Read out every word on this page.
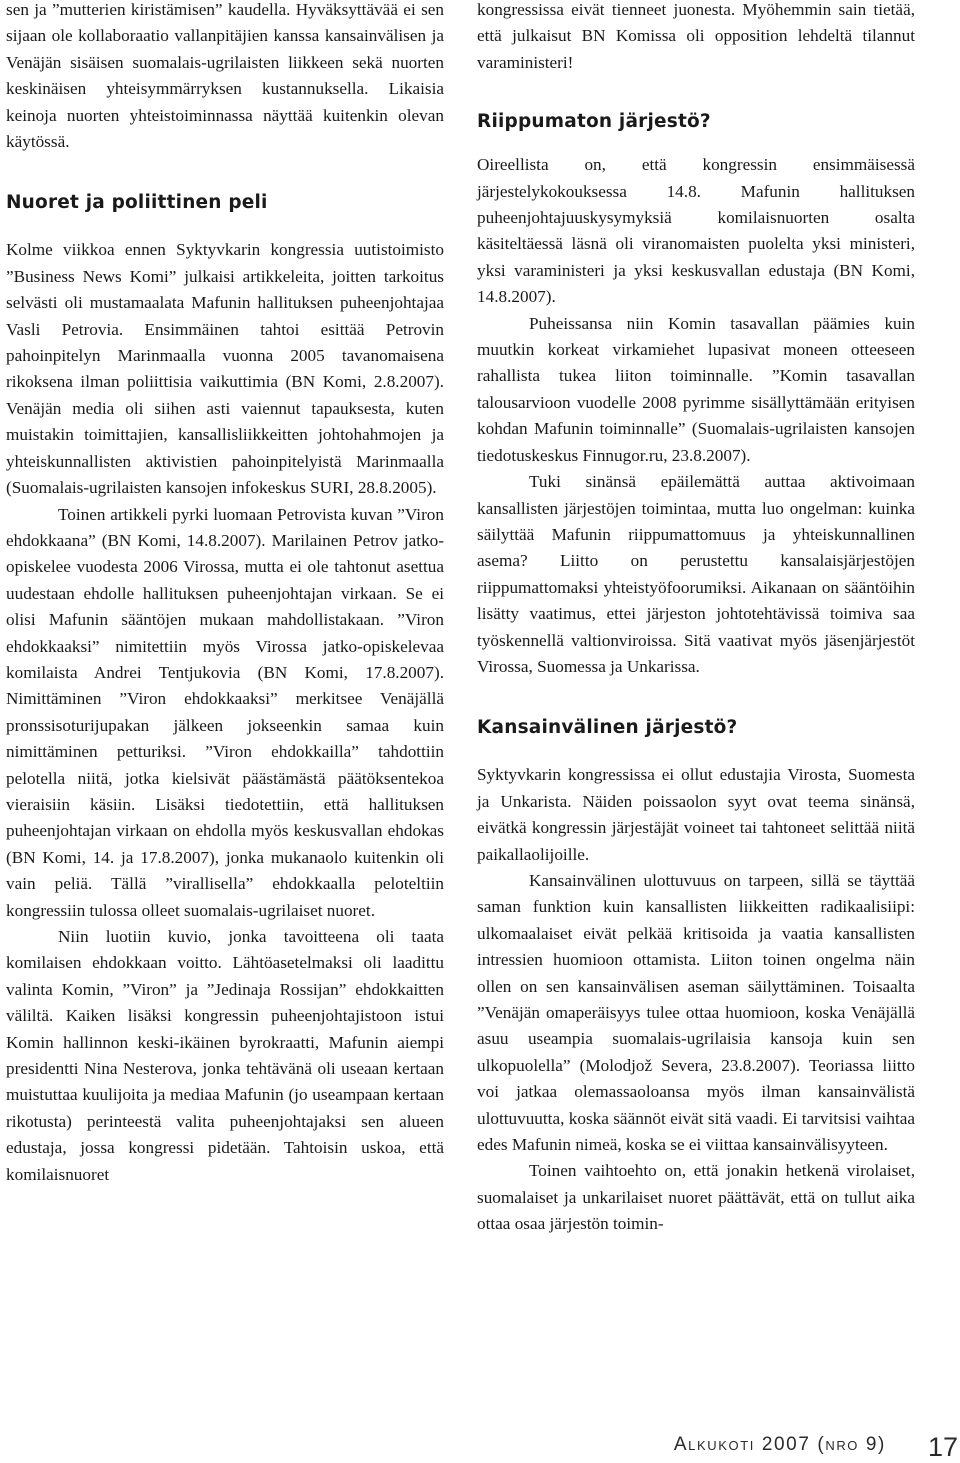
sen ja ”mutterien kiristämisen” kaudella. Hyväksyttävää ei sen sijaan ole kollaboraatio vallanpitäjien kanssa kansainvälisen ja Venäjän sisäisen suomalais-ugrilaisten liikkeen sekä nuorten keskinäisen yhteisymmärryksen kustannuksella. Likaisia keinoja nuorten yhteistoiminnassa näyttää kuitenkin olevan käytössä.

Nuoret ja poliittinen peli

Kolme viikkoa ennen Syktyvkarin kongressia uutistoimisto ”Business News Komi” julkaisi artikkeleita, joitten tarkoitus selvästi oli mustamaalata Mafunin hallituksen puheenjohtajaa Vasli Petrovia. Ensimmäinen tahtoi esittää Petrovin pahoinpitelyn Marinmaalla vuonna 2005 tavanomaisena rikoksena ilman poliittisia vaikuttimia (BN Komi, 2.8.2007). Venäjän media oli siihen asti vaiennut tapauksesta, kuten muistakin toimittajien, kansallisliikkeitten johtohahmojen ja yhteiskunnallisten aktivistien pahoinpitelyistä Marinmaalla (Suomalais-ugrilaisten kansojen infokeskus SURI, 28.8.2005).

Toinen artikkeli pyrki luomaan Petrovista kuvan ”Viron ehdokkaana” (BN Komi, 14.8.2007). Marilainen Petrov jatko-opiskelee vuodesta 2006 Virossa, mutta ei ole tahtonut asettua uudestaan ehdolle hallituksen puheenjohtajan virkaan. Se ei olisi Mafunin sääntöjen mukaan mahdollistakaan. ”Viron ehdokkaaksi” nimitettiin myös Virossa jatko-opiskelevaa komilaista Andrei Tentjukovia (BN Komi, 17.8.2007). Nimittäminen ”Viron ehdokkaaksi” merkitsee Venäjällä pronssisoturijupakan jälkeen jokseenkin samaa kuin nimittäminen petturiksi. ”Viron ehdokkailla” tahdottiin pelotella niitä, jotka kielsivät päästämästä päätöksentekoa vieraisiin käsiin. Lisäksi tiedotettiin, että hallituksen puheenjohtajan virkaan on ehdolla myös keskusvallan ehdokas (BN Komi, 14. ja 17.8.2007), jonka mukanaolo kuitenkin oli vain peliä. Tällä ”virallisella” ehdokkaalla peloteltiin kongressiin tulossa olleet suomalais-ugrilaiset nuoret.

Niin luotiin kuvio, jonka tavoitteena oli taata komilaisen ehdokkaan voitto. Lähtöasetelmaksi oli laadittu valinta Komin, ”Viron” ja ”Jedinaja Rossijan” ehdokkaitten väliltä. Kaiken lisäksi kongressin puheenjohtajistoon istui Komin hallinnon keski-ikäinen byrokraatti, Mafunin aiempi presidentti Nina Nesterova, jonka tehtävänä oli useaan kertaan muistuttaa kuulijoita ja mediaa Mafunin (jo useampaan kertaan rikotusta) perinteestä valita puheenjohtajaksi sen alueen edustaja, jossa kongressi pidetään. Tahtoisin uskoa, että komilaisnuoret

kongressissa eivät tienneet juonesta. Myöhemmin sain tietää, että julkaisut BN Komissa oli opposition lehdeltä tilannut varaministeri!

Riippumaton järjestö?

Oireellista on, että kongressin ensimmäisessä järjestelykokouksessa 14.8. Mafunin hallituksen puheenjohtajuuskysymyksiä komilaisnuorten osalta käsiteltäessä läsnä oli viranomaisten puolelta yksi ministeri, yksi varaministeri ja yksi keskusvallan edustaja (BN Komi, 14.8.2007).

Puheissansa niin Komin tasavallan päämies kuin muutkin korkeat virkamiehet lupasivat moneen otteeseen rahallista tukea liiton toiminnalle. ”Komin tasavallan talousarvioon vuodelle 2008 pyrimme sisällyttämään erityisen kohdan Mafunin toiminnalle” (Suomalais-ugrilaisten kansojen tiedotuskeskus Finnugor.ru, 23.8.2007).

Tuki sinänsä epäilemättä auttaa aktivoimaan kansallisten järjestöjen toimintaa, mutta luo ongelman: kuinka säilyttää Mafunin riippumattomuus ja yhteiskunnallinen asema? Liitto on perustettu kansalaisjärjestöjen riippumattomaksi yhteistyöfoorumiksi. Aikanaan on sääntöihin lisätty vaatimus, ettei järjeston johtotehtävissä toimiva saa työskennellä valtionviroissa. Sitä vaativat myös jäsenjärjestöt Virossa, Suomessa ja Unkarissa.

Kansainvälinen järjestö?

Syktyvkarin kongressissa ei ollut edustajia Virosta, Suomesta ja Unkarista. Näiden poissaolon syyt ovat teema sinänsä, eivätkä kongressin järjestäjät voineet tai tahtoneet selittää niitä paikallaolijoille.

Kansainvälinen ulottuvuus on tarpeen, sillä se täyttää saman funktion kuin kansallisten liikkeitten radikaalisiipi: ulkomaalaiset eivät pelkää kritisoida ja vaatia kansallisten intressien huomioon ottamista. Liiton toinen ongelma näin ollen on sen kansainvälisen aseman säilyttäminen. Toisaalta ”Venäjän omaperäisyys tulee ottaa huomioon, koska Venäjällä asuu useampia suomalais-ugrilaisia kansoja kuin sen ulkopuolella” (Molodjož Severa, 23.8.2007). Teoriassa liitto voi jatkaa olemassaoloansa myös ilman kansainvälistä ulottuvuutta, koska säännöt eivät sitä vaadi. Ei tarvitsisi vaihtaa edes Mafunin nimeä, koska se ei viittaa kansainvälisyyteen.

Toinen vaihtoehto on, että jonakin hetkenä virolaiset, suomalaiset ja unkarilaiset nuoret päättävät, että on tullut aika ottaa osaa järjestön toimin-

Alkukoti 2007 (nro 9) 17
